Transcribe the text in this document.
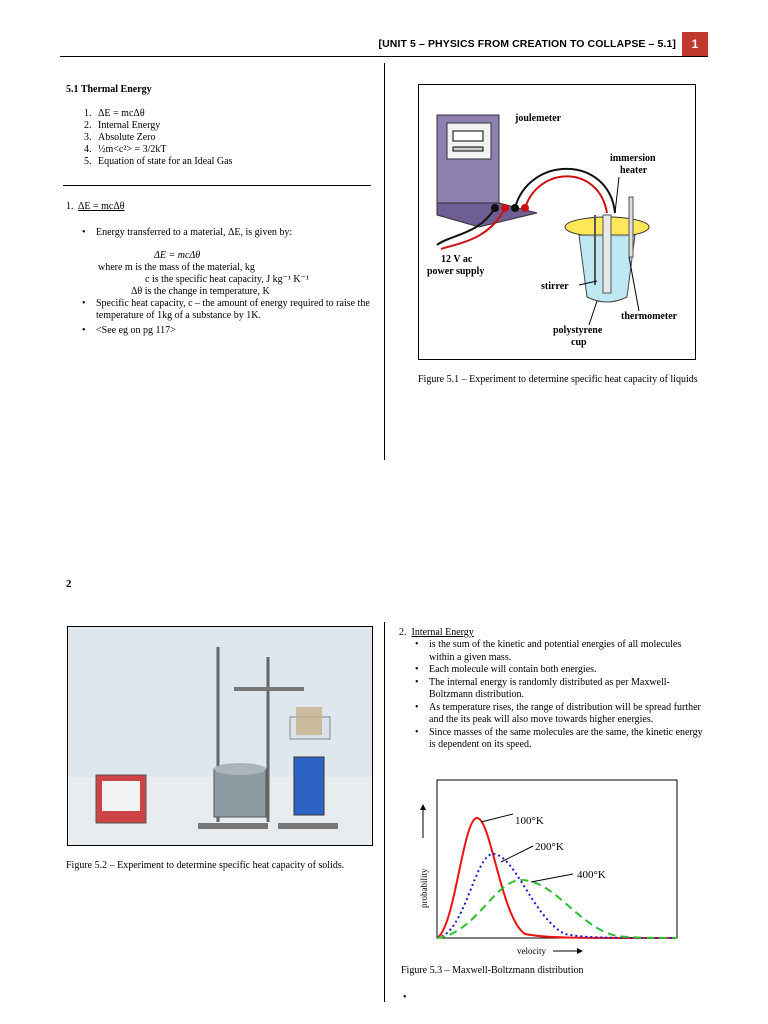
[UNIT 5 – PHYSICS FROM CREATION TO COLLAPSE – 5.1]	1
5.1 Thermal Energy
1. ΔE = mcΔθ
2. Internal Energy
3. Absolute Zero
4. ½m<c²> = 3/2kT
5. Equation of state for an Ideal Gas
1. ΔE = mcΔθ
• Energy transferred to a material, ΔE, is given by:
ΔE = mcΔθ
where m is the mass of the material, kg
c is the specific heat capacity, J kg⁻¹ K⁻¹
Δθ is the change in temperature, K
• Specific heat capacity, c – the amount of energy required to raise the temperature of 1kg of a substance by 1K.
• <See eg on pg 117>
joulemeter
immersion
heater
12 V ac
power supply
stirrer
thermometer
polystyrene
cup
Figure 5.1 – Experiment to determine specific heat capacity of liquids
2
Figure 5.2 – Experiment to determine specific heat capacity of solids.
2. Internal Energy
• is the sum of the kinetic and potential energies of all molecules within a given mass.
• Each molecule will contain both energies.
• The internal energy is randomly distributed as per Maxwell-Boltzmann distribution.
• As temperature rises, the range of distribution will be spread further and the its peak will also move towards higher energies.
• Since masses of the same molecules are the same, the kinetic energy is dependent on its speed.
100°K
200°K
400°K
probability
velocity
Figure 5.3 – Maxwell-Boltzmann distribution
•
